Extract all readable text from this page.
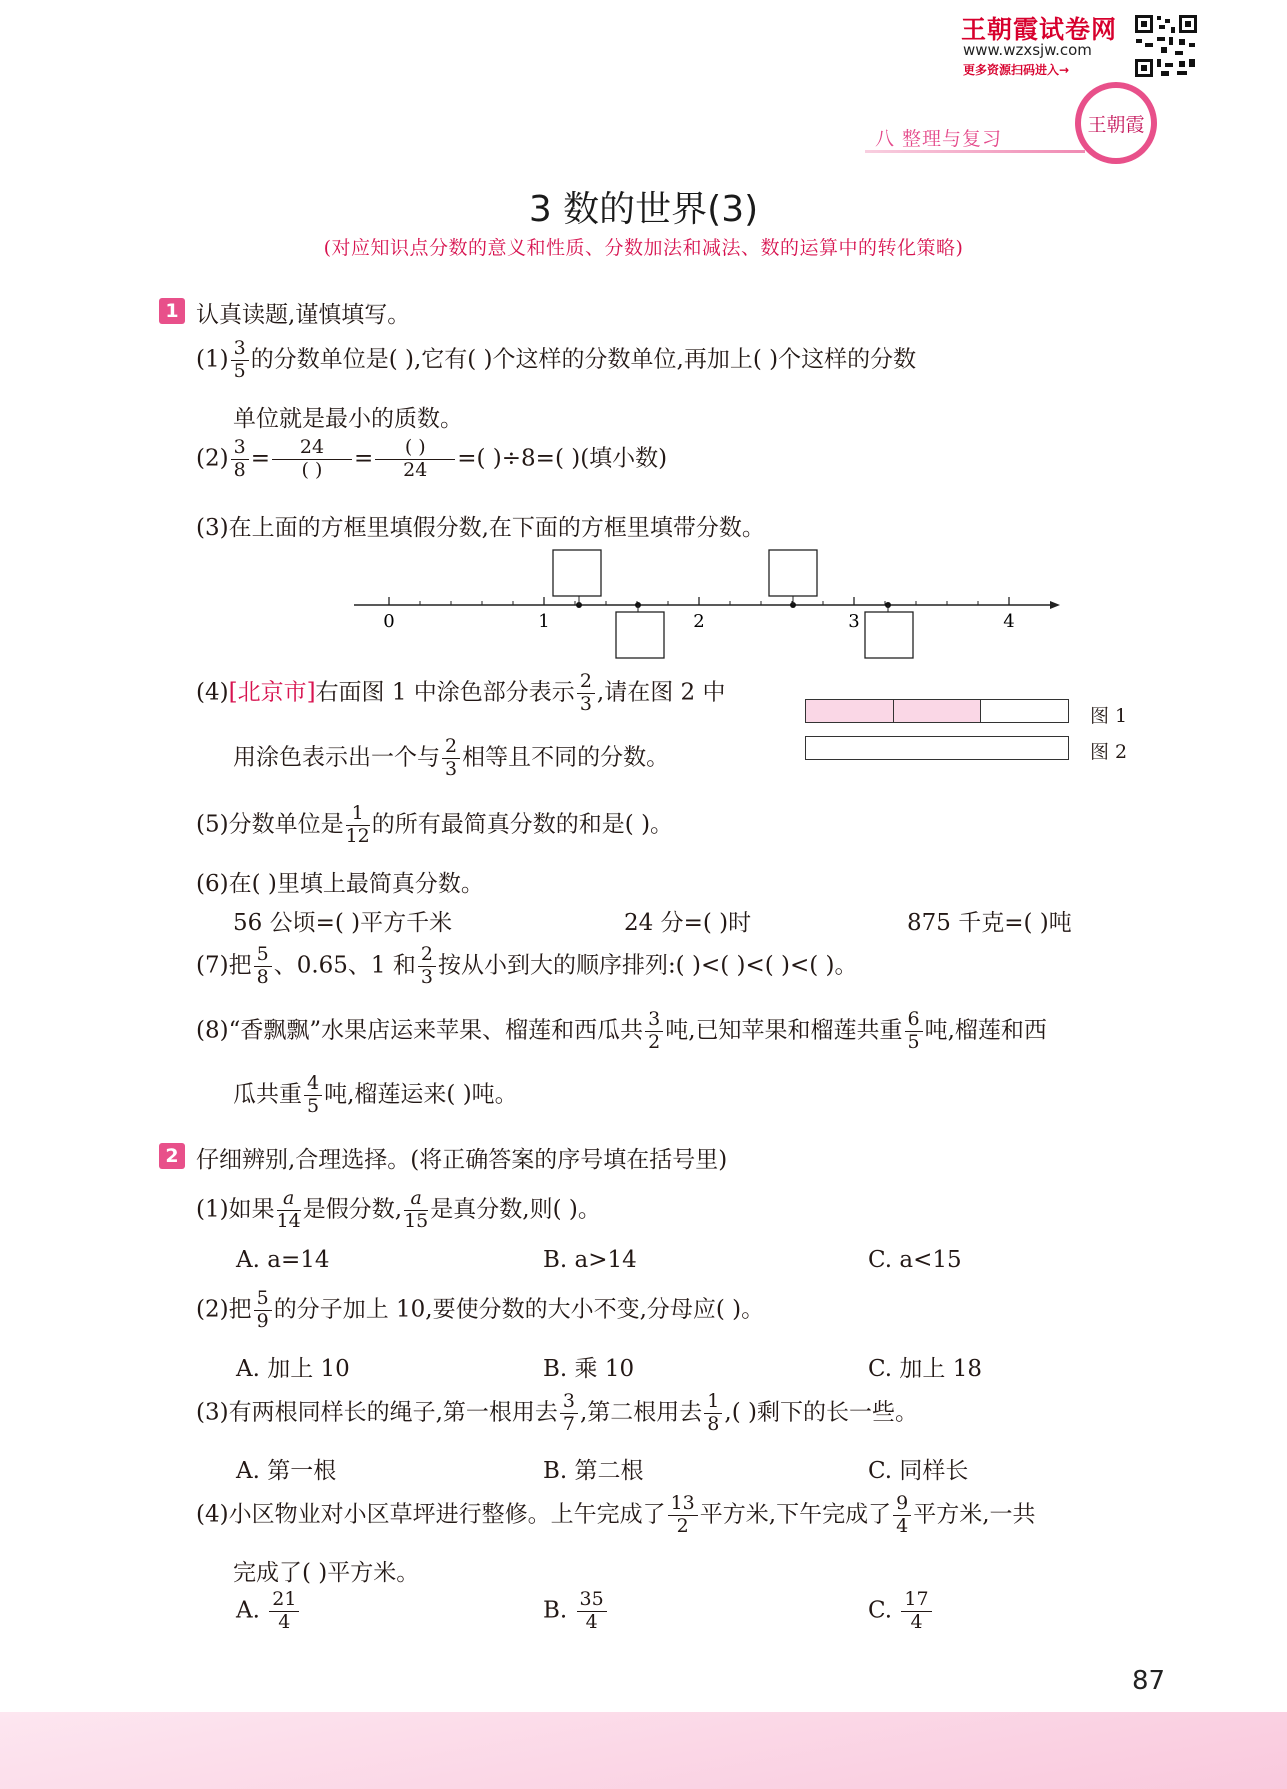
王朝霞试卷网
www.wzxsjw.com
更多资源扫码进入→
王朝霞
八 整理与复习
3 数的世界(3)
(对应知识点分数的意义和性质、分数加法和减法、数的运算中的转化策略)
1 认真读题,谨慎填写。
$(1) \frac{3}{5}$ 的分数单位是( ),它有( )个这样的分数单位,再加上( )个这样的分数
单位就是最小的质数。
$(2) \frac{3}{8} = \frac{24}{( )} = \frac{( )}{24}$ =( )÷8=( )(填小数)
(3)在上面的方框里填假分数,在下面的方框里填带分数。
0	1	2	3	4
(4)[北京市]右面图 1 中涂色部分表示 $\frac{2}{3}$ ,请在图 2 中
用涂色表示出一个与 $\frac{2}{3}$ 相等且不同的分数。
图 1
图 2
(5)分数单位是 $\frac{1}{12}$ 的所有最简真分数的和是( )。
(6)在( )里填上最简真分数。
56 公顷=( )平方千米	24 分=( )时	875 千克=( )吨
(7)把 $\frac{5}{8}$ 、0.65、1 和 $\frac{2}{3}$ 按从小到大的顺序排列:( )<( )<( )<( )。
(8)“香飘飘”水果店运来苹果、榴莲和西瓜共 $\frac{3}{2}$ 吨,已知苹果和榴莲共重 $\frac{6}{5}$ 吨,榴莲和西
瓜共重 $\frac{4}{5}$ 吨,榴莲运来( )吨。
2 仔细辨别,合理选择。(将正确答案的序号填在括号里)
(1)如果 $\frac{a}{14}$ 是假分数, $\frac{a}{15}$ 是真分数,则( )。
A. a=14	B. a>14	C. a<15
(2)把 $\frac{5}{9}$ 的分子加上 10,要使分数的大小不变,分母应( )。
A. 加上 10	B. 乘 10	C. 加上 18
(3)有两根同样长的绳子,第一根用去 $\frac{3}{7}$ ,第二根用去 $\frac{1}{8}$ ,( )剩下的长一些。
A. 第一根	B. 第二根	C. 同样长
(4)小区物业对小区草坪进行整修。上午完成了 $\frac{13}{2}$ 平方米,下午完成了 $\frac{9}{4}$ 平方米,一共
完成了( )平方米。
A. $\frac{21}{4}$	B. $\frac{35}{4}$	C. $\frac{17}{4}$
87
